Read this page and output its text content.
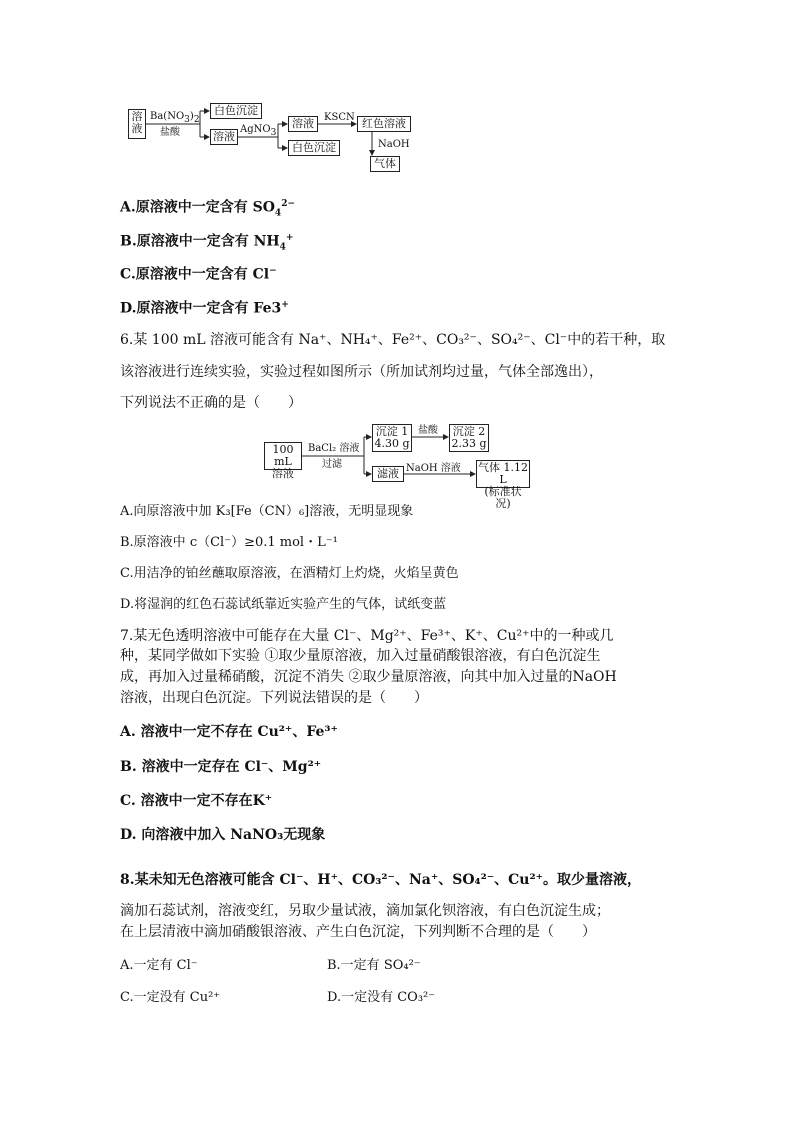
溶液
$Ba(NO_3)_2$
盐酸
白色沉淀
溶液
AgNO$_3$
溶液
白色沉淀
KSCN 红色溶液
NaOH
气体
A.原溶液中一定含有 $SO_4^{2-}$
B.原溶液中一定含有 $NH_4^+$
C.原溶液中一定含有 Cl−
D.原溶液中一定含有 Fe3+
6.某 100 mL 溶液可能含有 Na⁺、NH₄⁺、Fe²⁺、CO₃²⁻、SO₄²⁻、Cl⁻中的若干种，取
该溶液进行连续实验，实验过程如图所示（所加试剂均过量，气体全部逸出），
下列说法不正确的是（　　）
100 mL
溶液
BaCl₂ 溶液
过滤
沉淀 1
4.30 g
盐酸 沉淀 2
2.33 g
滤液 NaOH 溶液 气体 1.12 L
(标准状况)
A.向原溶液中加 K₃[Fe（CN）₆]溶液，无明显现象
B.原溶液中 c（Cl⁻）≥0.1 mol・L⁻¹
C.用洁净的铂丝蘸取原溶液，在酒精灯上灼烧，火焰呈黄色
D.将湿润的红色石蕊试纸靠近实验产生的气体，试纸变蓝
7.某无色透明溶液中可能存在大量 Cl⁻、Mg²⁺、Fe³⁺、K⁺、Cu²⁺中的一种或几
种，某同学做如下实验 ①取少量原溶液，加入过量硝酸银溶液，有白色沉淀生
成，再加入过量稀硝酸，沉淀不消失 ②取少量原溶液，向其中加入过量的NaOH
溶液，出现白色沉淀。下列说法错误的是（　　）
A. 溶液中一定不存在 Cu²⁺、Fe³⁺
B. 溶液中一定存在 Cl⁻、Mg²⁺
C. 溶液中一定不存在K⁺
D. 向溶液中加入 NaNO₃无现象
8.某未知无色溶液可能含 Cl⁻、H⁺、CO₃²⁻、Na⁺、SO₄²⁻、Cu²⁺。取少量溶液，
滴加石蕊试剂，溶液变红，另取少量试液，滴加氯化钡溶液，有白色沉淀生成；
在上层清液中滴加硝酸银溶液、产生白色沉淀，下列判断不合理的是（　　）
A.一定有 Cl⁻	B.一定有 SO₄²⁻
C.一定没有 Cu²⁺	D.一定没有 CO₃²⁻
